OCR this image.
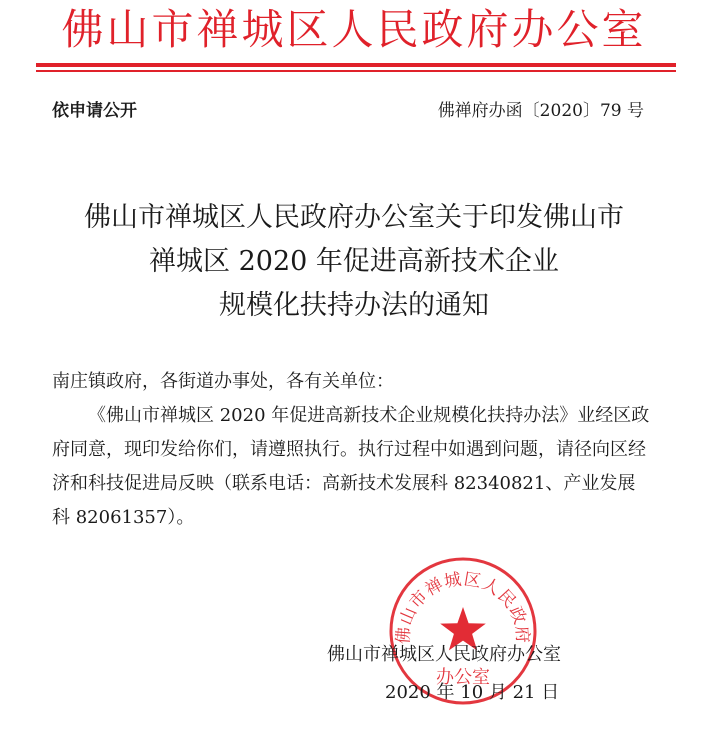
佛山市禅城区人民政府办公室
依申请公开	佛禅府办函〔2020〕79 号
佛山市禅城区人民政府办公室关于印发佛山市
禅城区 2020 年促进高新技术企业
规模化扶持办法的通知

南庄镇政府，各街道办事处，各有关单位：

《佛山市禅城区 2020 年促进高新技术企业规模化扶持办法》业经区政府同意，现印发给你们，请遵照执行。执行过程中如遇到问题，请径向区经济和科技促进局反映（联系电话：高新技术发展科 82340821、产业发展科 82061357）。

佛山市禅城区人民政府
办公室
佛山市禅城区人民政府办公室
2020 年 10 月 21 日
